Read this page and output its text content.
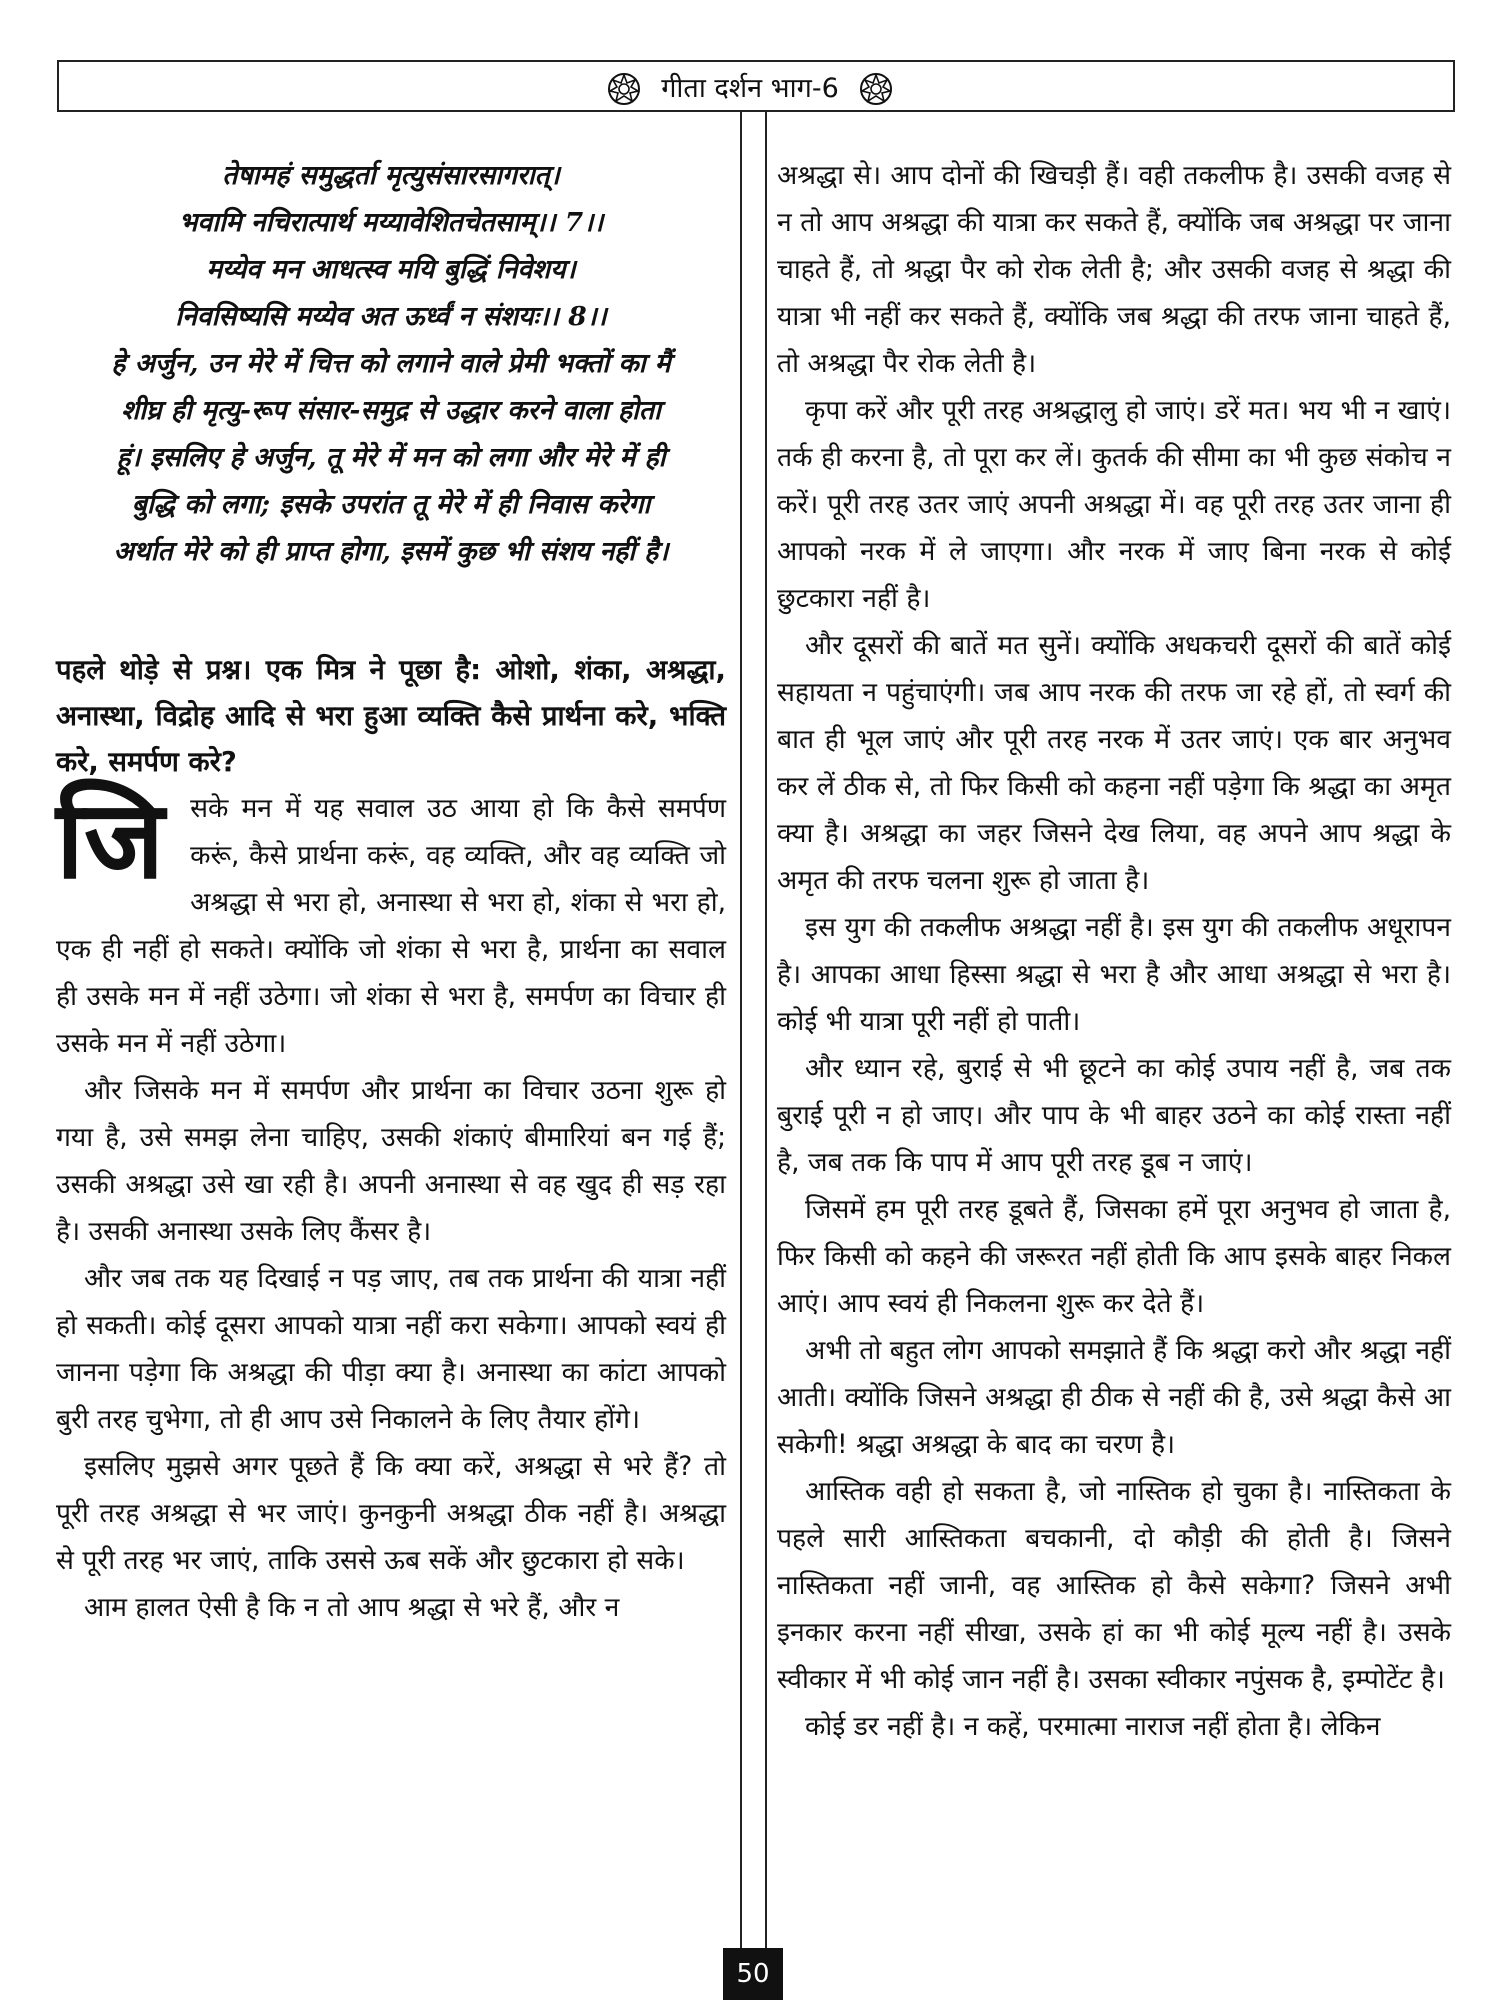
गीता दर्शन भाग-6
तेषामहं समुद्धर्ता मृत्युसंसारसागरात्।
भवामि नचिरात्पार्थ मय्यावेशितचेतसाम्।। 7।।
मय्येव मन आधत्स्व मयि बुद्धिं निवेशय।
निवसिष्यसि मय्येव अत ऊर्ध्वं न संशयः।। 8।।
हे अर्जुन, उन मेरे में चित्त को लगाने वाले प्रेमी भक्तों का मैं
शीघ्र ही मृत्यु-रूप संसार-समुद्र से उद्धार करने वाला होता
हूं। इसलिए हे अर्जुन, तू मेरे में मन को लगा और मेरे में ही
बुद्धि को लगा; इसके उपरांत तू मेरे में ही निवास करेगा
अर्थात मेरे को ही प्राप्त होगा, इसमें कुछ भी संशय नहीं है।

पहले थोड़े से प्रश्न। एक मित्र ने पूछा है: ओशो, शंका, अश्रद्धा, अनास्था, विद्रोह आदि से भरा हुआ व्यक्ति कैसे प्रार्थना करे, भक्ति करे, समर्पण करे?

जिसके मन में यह सवाल उठ आया हो कि कैसे समर्पण करूं, कैसे प्रार्थना करूं, वह व्यक्ति, और वह व्यक्ति जो अश्रद्धा से भरा हो, अनास्था से भरा हो, शंका से भरा हो, एक ही नहीं हो सकते। क्योंकि जो शंका से भरा है, प्रार्थना का सवाल ही उसके मन में नहीं उठेगा। जो शंका से भरा है, समर्पण का विचार ही उसके मन में नहीं उठेगा।

और जिसके मन में समर्पण और प्रार्थना का विचार उठना शुरू हो गया है, उसे समझ लेना चाहिए, उसकी शंकाएं बीमारियां बन गई हैं; उसकी अश्रद्धा उसे खा रही है। अपनी अनास्था से वह खुद ही सड़ रहा है। उसकी अनास्था उसके लिए कैंसर है।

और जब तक यह दिखाई न पड़ जाए, तब तक प्रार्थना की यात्रा नहीं हो सकती। कोई दूसरा आपको यात्रा नहीं करा सकेगा। आपको स्वयं ही जानना पड़ेगा कि अश्रद्धा की पीड़ा क्या है। अनास्था का कांटा आपको बुरी तरह चुभेगा, तो ही आप उसे निकालने के लिए तैयार होंगे।

इसलिए मुझसे अगर पूछते हैं कि क्या करें, अश्रद्धा से भरे हैं? तो पूरी तरह अश्रद्धा से भर जाएं। कुनकुनी अश्रद्धा ठीक नहीं है। अश्रद्धा से पूरी तरह भर जाएं, ताकि उससे ऊब सकें और छुटकारा हो सके।

आम हालत ऐसी है कि न तो आप श्रद्धा से भरे हैं, और न

अश्रद्धा से। आप दोनों की खिचड़ी हैं। वही तकलीफ है। उसकी वजह से न तो आप अश्रद्धा की यात्रा कर सकते हैं, क्योंकि जब अश्रद्धा पर जाना चाहते हैं, तो श्रद्धा पैर को रोक लेती है; और उसकी वजह से श्रद्धा की यात्रा भी नहीं कर सकते हैं, क्योंकि जब श्रद्धा की तरफ जाना चाहते हैं, तो अश्रद्धा पैर रोक लेती है।

कृपा करें और पूरी तरह अश्रद्धालु हो जाएं। डरें मत। भय भी न खाएं। तर्क ही करना है, तो पूरा कर लें। कुतर्क की सीमा का भी कुछ संकोच न करें। पूरी तरह उतर जाएं अपनी अश्रद्धा में। वह पूरी तरह उतर जाना ही आपको नरक में ले जाएगा। और नरक में जाए बिना नरक से कोई छुटकारा नहीं है।

और दूसरों की बातें मत सुनें। क्योंकि अधकचरी दूसरों की बातें कोई सहायता न पहुंचाएंगी। जब आप नरक की तरफ जा रहे हों, तो स्वर्ग की बात ही भूल जाएं और पूरी तरह नरक में उतर जाएं। एक बार अनुभव कर लें ठीक से, तो फिर किसी को कहना नहीं पड़ेगा कि श्रद्धा का अमृत क्या है। अश्रद्धा का जहर जिसने देख लिया, वह अपने आप श्रद्धा के अमृत की तरफ चलना शुरू हो जाता है।

इस युग की तकलीफ अश्रद्धा नहीं है। इस युग की तकलीफ अधूरापन है। आपका आधा हिस्सा श्रद्धा से भरा है और आधा अश्रद्धा से भरा है। कोई भी यात्रा पूरी नहीं हो पाती।

और ध्यान रहे, बुराई से भी छूटने का कोई उपाय नहीं है, जब तक बुराई पूरी न हो जाए। और पाप के भी बाहर उठने का कोई रास्ता नहीं है, जब तक कि पाप में आप पूरी तरह डूब न जाएं।

जिसमें हम पूरी तरह डूबते हैं, जिसका हमें पूरा अनुभव हो जाता है, फिर किसी को कहने की जरूरत नहीं होती कि आप इसके बाहर निकल आएं। आप स्वयं ही निकलना शुरू कर देते हैं।

अभी तो बहुत लोग आपको समझाते हैं कि श्रद्धा करो और श्रद्धा नहीं आती। क्योंकि जिसने अश्रद्धा ही ठीक से नहीं की है, उसे श्रद्धा कैसे आ सकेगी! श्रद्धा अश्रद्धा के बाद का चरण है।

आस्तिक वही हो सकता है, जो नास्तिक हो चुका है। नास्तिकता के पहले सारी आस्तिकता बचकानी, दो कौड़ी की होती है। जिसने नास्तिकता नहीं जानी, वह आस्तिक हो कैसे सकेगा? जिसने अभी इनकार करना नहीं सीखा, उसके हां का भी कोई मूल्य नहीं है। उसके स्वीकार में भी कोई जान नहीं है। उसका स्वीकार नपुंसक है, इम्पोटेंट है।

कोई डर नहीं है। न कहें, परमात्मा नाराज नहीं होता है। लेकिन

50
